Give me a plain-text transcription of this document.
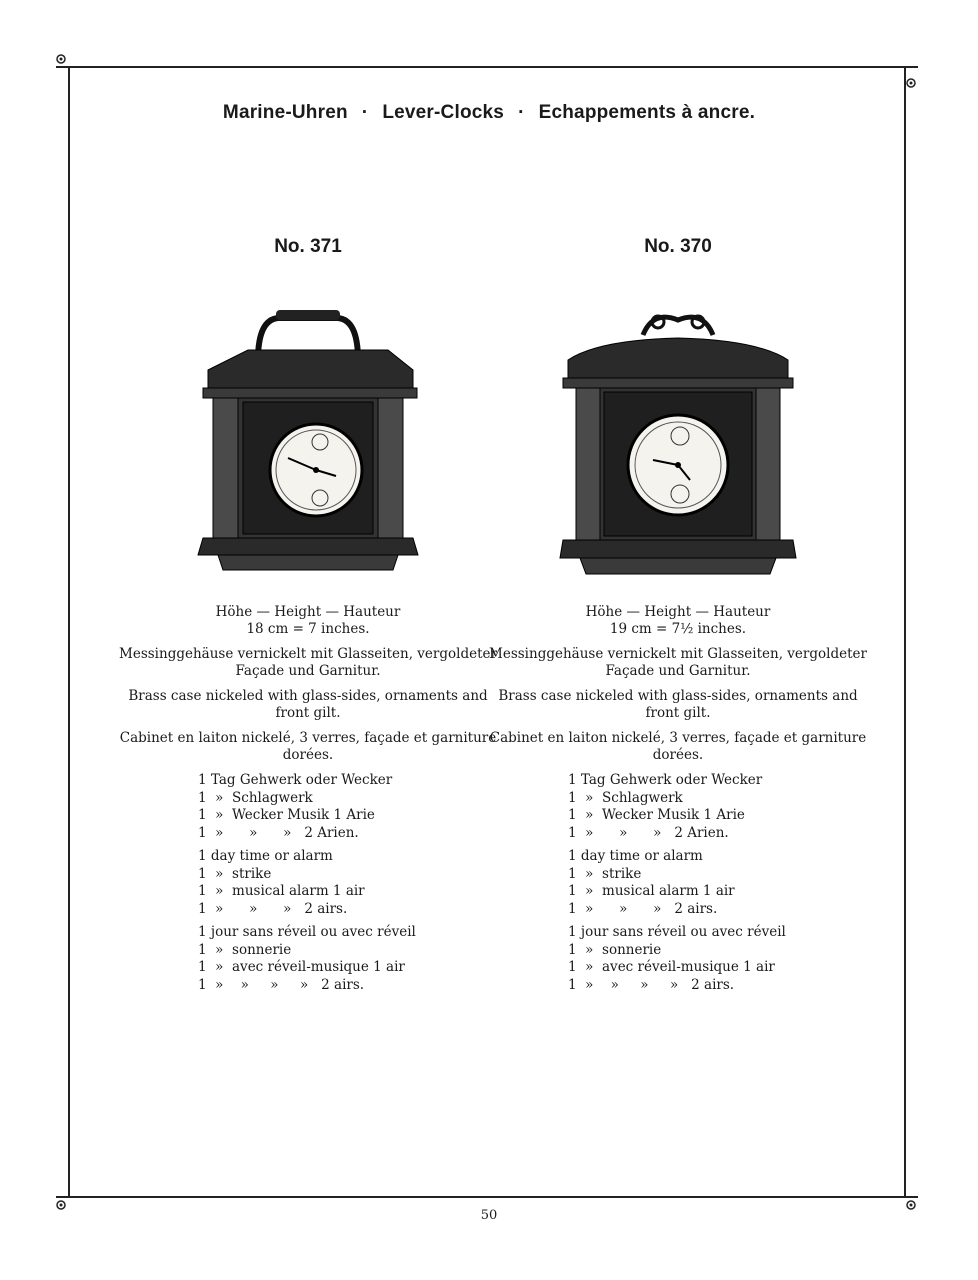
Marine-Uhren · Lever-Clocks · Echappements à ancre.
No. 371
Höhe — Height — Hauteur
18 cm = 7 inches.
Messinggehäuse vernickelt mit Glasseiten, vergoldeter Façade und Garnitur.
Brass case nickeled with glass-sides, ornaments and front gilt.
Cabinet en laiton nickelé, 3 verres, façade et garniture dorées.
1 Tag Gehwerk oder Wecker
1  »  Schlagwerk
1  »  Wecker Musik 1 Arie
1  »      »      »   2 Arien.
1 day time or alarm
1  »  strike
1  »  musical alarm 1 air
1  »      »      »   2 airs.
1 jour sans réveil ou avec réveil
1  »  sonnerie
1  »  avec réveil-musique 1 air
1  »    »     »     »   2 airs.
No. 370
Höhe — Height — Hauteur
19 cm = 7½ inches.
Messinggehäuse vernickelt mit Glasseiten, vergoldeter Façade und Garnitur.
Brass case nickeled with glass-sides, ornaments and front gilt.
Cabinet en laiton nickelé, 3 verres, façade et garniture dorées.
1 Tag Gehwerk oder Wecker
1  »  Schlagwerk
1  »  Wecker Musik 1 Arie
1  »      »      »   2 Arien.
1 day time or alarm
1  »  strike
1  »  musical alarm 1 air
1  »      »      »   2 airs.
1 jour sans réveil ou avec réveil
1  »  sonnerie
1  »  avec réveil-musique 1 air
1  »    »     »     »   2 airs.
50
